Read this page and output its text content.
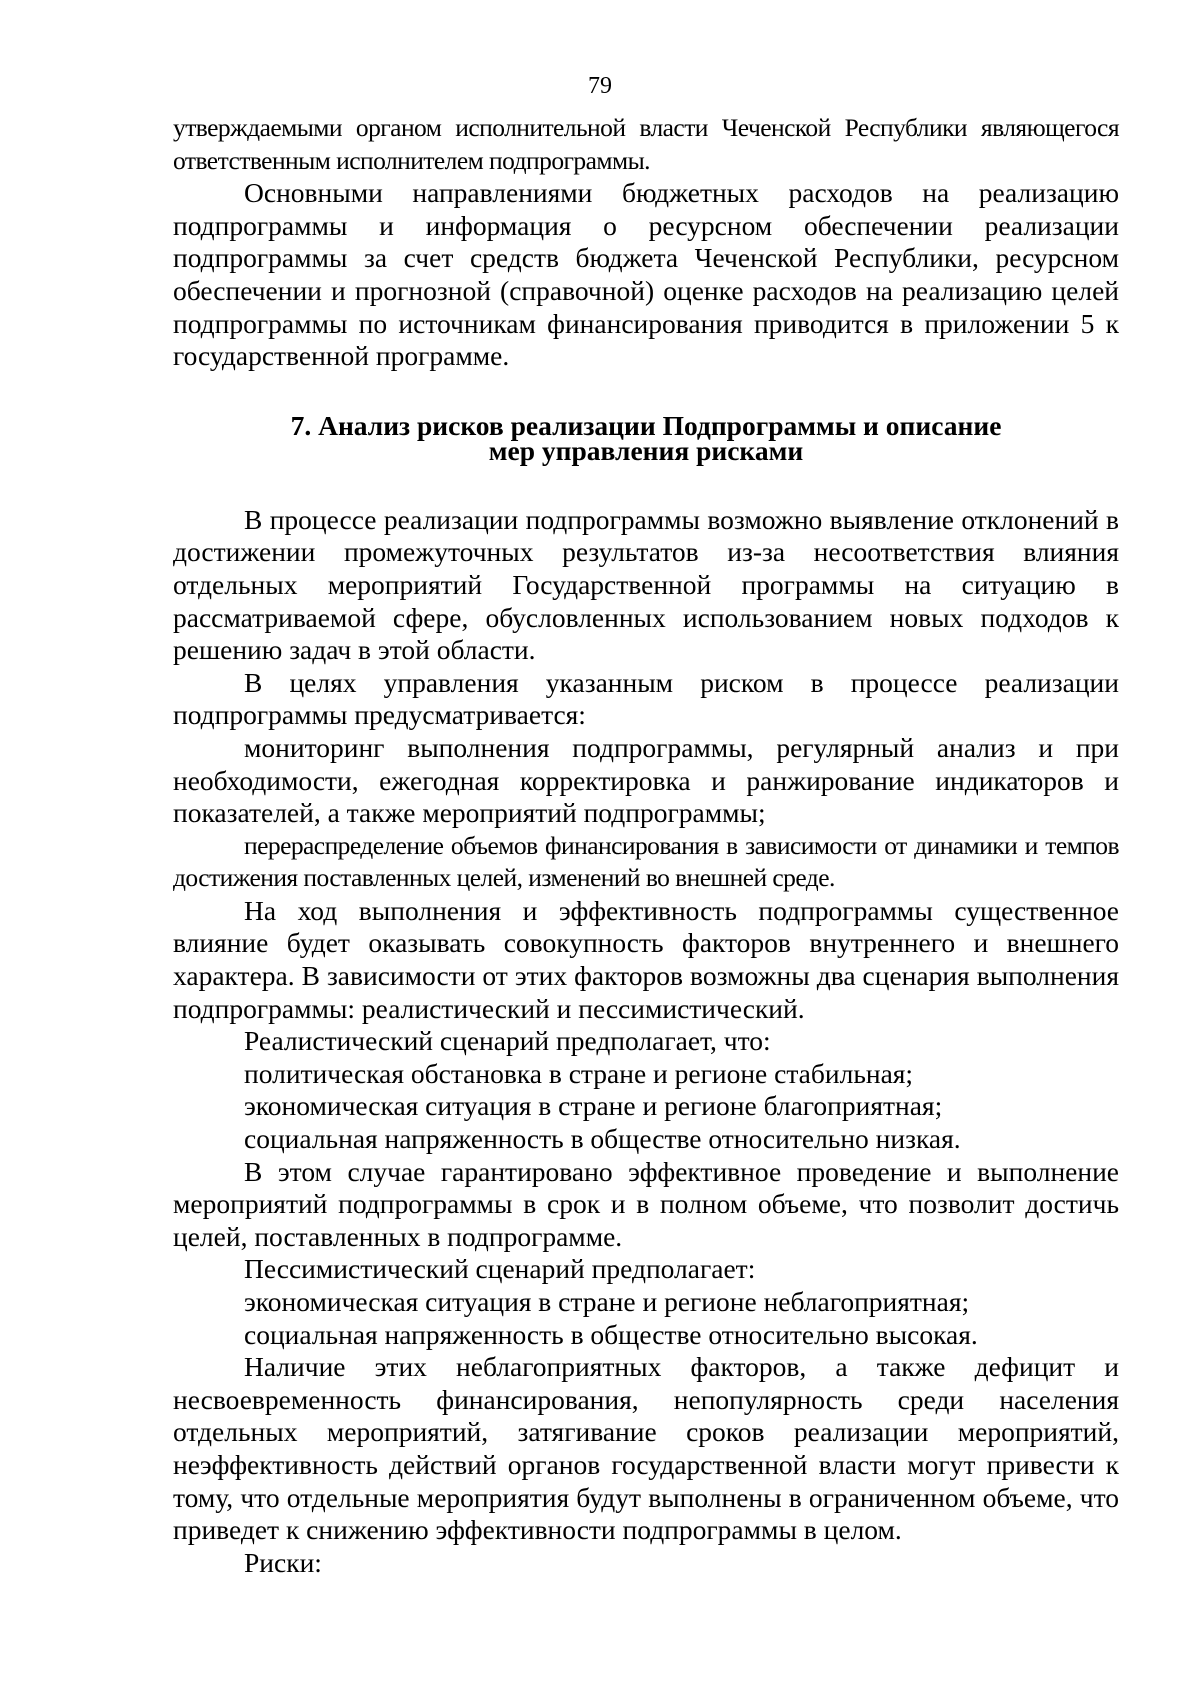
79

утверждаемыми органом исполнительной власти Чеченской Республики являющегося ответственным исполнителем подпрограммы.

Основными направлениями бюджетных расходов на реализацию подпрограммы и информация о ресурсном обеспечении реализации подпрограммы за счет средств бюджета Чеченской Республики, ресурсном обеспечении и прогнозной (справочной) оценке расходов на реализацию целей подпрограммы по источникам финансирования приводится в приложении 5 к государственной программе.

7. Анализ рисков реализации Подпрограммы и описание

мер управления рисками

В процессе реализации подпрограммы возможно выявление отклонений в достижении промежуточных результатов из-за несоответствия влияния отдельных мероприятий Государственной программы на ситуацию в рассматриваемой сфере, обусловленных использованием новых подходов к решению задач в этой области.

В целях управления указанным риском в процессе реализации подпрограммы предусматривается:

мониторинг выполнения подпрограммы, регулярный анализ и при необходимости, ежегодная корректировка и ранжирование индикаторов и показателей, а также мероприятий подпрограммы;

перераспределение объемов финансирования в зависимости от динамики и темпов достижения поставленных целей, изменений во внешней среде.

На ход выполнения и эффективность подпрограммы существенное влияние будет оказывать совокупность факторов внутреннего и внешнего характера. В зависимости от этих факторов возможны два сценария выполнения подпрограммы: реалистический и пессимистический.

Реалистический сценарий предполагает, что:

политическая обстановка в стране и регионе стабильная;

экономическая ситуация в стране и регионе благоприятная;

социальная напряженность в обществе относительно низкая.

В этом случае гарантировано эффективное проведение и выполнение мероприятий подпрограммы в срок и в полном объеме, что позволит достичь целей, поставленных в подпрограмме.

Пессимистический сценарий предполагает:

экономическая ситуация в стране и регионе неблагоприятная;

социальная напряженность в обществе относительно высокая.

Наличие этих неблагоприятных факторов, а также дефицит и несвоевременность финансирования, непопулярность среди населения отдельных мероприятий, затягивание сроков реализации мероприятий, неэффективность действий органов государственной власти могут привести к тому, что отдельные мероприятия будут выполнены в ограниченном объеме, что приведет к снижению эффективности подпрограммы в целом.

Риски:
